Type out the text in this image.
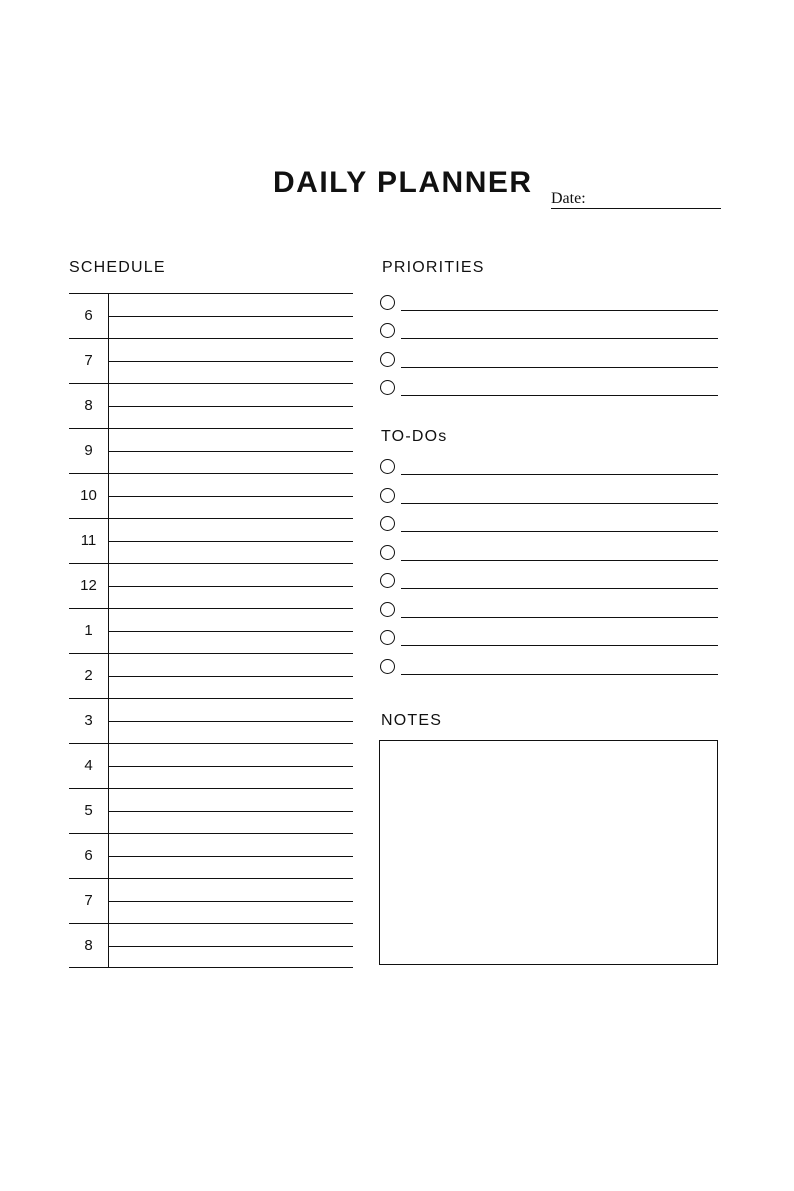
DAILY PLANNER Date:
SCHEDULE
6
7
8
9
10
11
12
1
2
3
4
5
6
7
8
PRIORITIES
TO-DOs
NOTES
